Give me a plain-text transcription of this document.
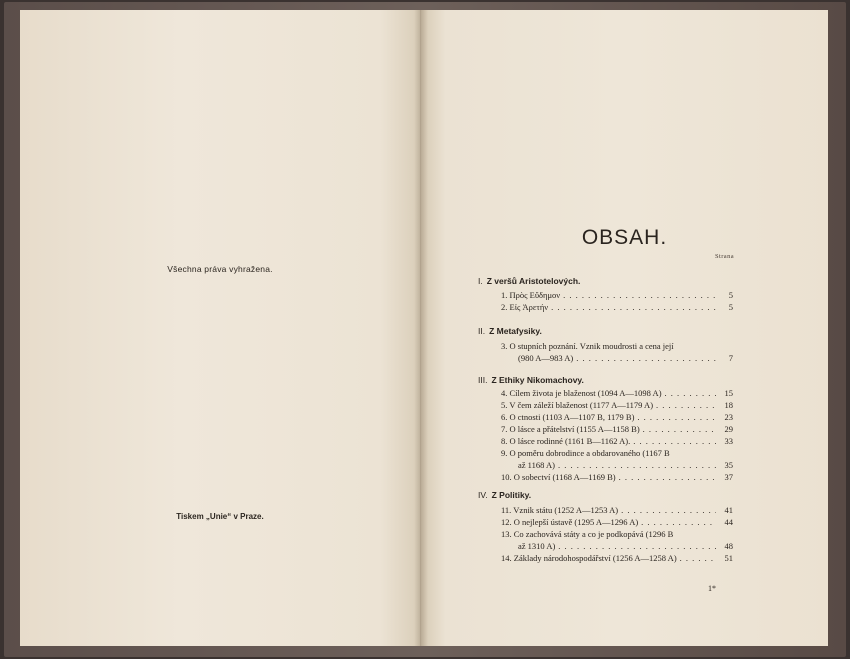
Všechna práva vyhražena.
Tiskem „Unie“ v Praze.
OBSAH.
Strana
I. Z veršů Aristotelových.
1. Πρὸς Εὔδημον . . .	5
2. Εἰς Ἀρετήν . . .	5
II. Z Metafysiky.
3. O stupních poznání. Vznik moudrosti a cena její
(980 A—983 A) . . .	7
III. Z Ethiky Nikomachovy.
4. Cílem života je blaženost (1094 A—1098 A) . . .	15
5. V čem záleží blaženost (1177 A—1179 A) . . .	18
6. O ctnosti (1103 A—1107 B, 1179 B) . . .	23
7. O lásce a přátelství (1155 A—1158 B) . . .	29
8. O lásce rodinné (1161 B—1162 A). . . .	33
9. O poměru dobrodince a obdarovaného (1167 B
až 1168 A) . . .	35
10. O sobectví (1168 A—1169 B) . . .	37
IV. Z Politiky.
11. Vznik státu (1252 A—1253 A) . . .	41
12. O nejlepší ústavě (1295 A—1296 A) . . .	44
13. Co zachovává státy a co je podkopává (1296 B
až 1310 A) . . .	48
14. Základy národohospodářství (1256 A—1258 A) . . .	51
1*
